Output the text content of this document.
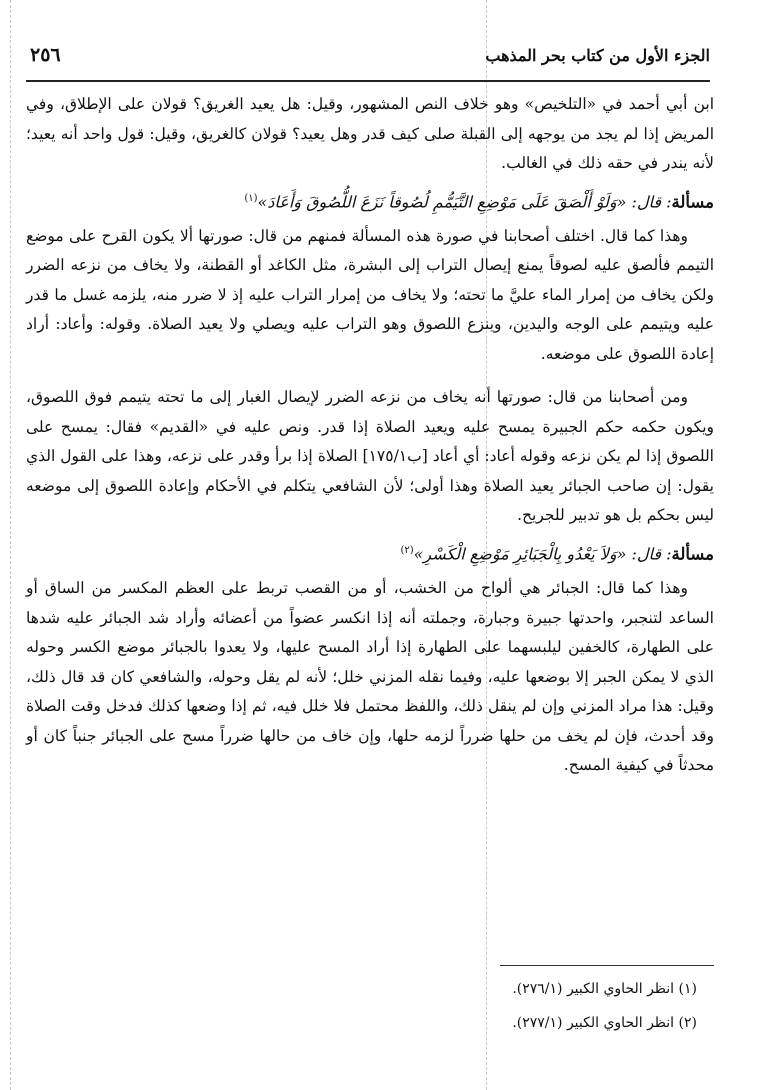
الجزء الأول من كتاب بحر المذهب
٢٥٦

ابن أبي أحمد في «التلخيص» وهو خلاف النص المشهور، وقيل: هل يعيد الغريق؟ قولان على الإطلاق، وفي المريض إذا لم يجد من يوجهه إلى القبلة صلى كيف قدر وهل يعيد؟ قولان كالغريق، وقيل: قول واحد أنه يعيد؛ لأنه يندر في حقه ذلك في الغالب.

مسألة: قال: «وَلَوْ أَلْصَقَ عَلَى مَوْضِعِ التَّيَمُّمِ لُصُوقاً نَزَعَ اللُّصُوقَ وَأَعَادَ»$^{(١)}$

وهذا كما قال. اختلف أصحابنا في صورة هذه المسألة فمنهم من قال: صورتها ألا يكون القرح على موضع التيمم فألصق عليه لصوقاً يمنع إيصال التراب إلى البشرة، مثل الكاغد أو القطنة، ولا يخاف من نزعه الضرر ولكن يخاف من إمرار الماء عليَّ ما تحته؛ ولا يخاف من إمرار التراب عليه إذ لا ضرر منه، يلزمه غسل ما قدر عليه ويتيمم على الوجه واليدين، وينزع اللصوق وهو التراب عليه ويصلي ولا يعيد الصلاة. وقوله: وأعاد: أراد إعادة اللصوق على موضعه.

ومن أصحابنا من قال: صورتها أنه يخاف من نزعه الضرر لإيصال الغبار إلى ما تحته يتيمم فوق اللصوق، ويكون حكمه حكم الجبيرة يمسح عليه ويعيد الصلاة إذا قدر. ونص عليه في «القديم» فقال: يمسح على اللصوق إذا لم يكن نزعه وقوله أعاد: أي أعاد [ب١٧٥/١] الصلاة إذا برأ وقدر على نزعه، وهذا على القول الذي يقول: إن صاحب الجبائر يعيد الصلاة وهذا أولى؛ لأن الشافعي يتكلم في الأحكام وإعادة اللصوق إلى موضعه ليس بحكم بل هو تدبير للجريح.

مسألة: قال: «وَلاَ يَعْدُو بِالْجَبَائِرِ مَوْضِعِ الْكَسْرِ»$^{(٢)}$

وهذا كما قال: الجبائر هي ألواح من الخشب، أو من القصب تربط على العظم المكسر من الساق أو الساعد لتنجبر، واحدتها جبيرة وجبارة، وجملته أنه إذا انكسر عضواً من أعضائه وأراد شد الجبائر عليه شدها على الطهارة، كالخفين ليلبسهما على الطهارة إذا أراد المسح عليها، ولا يعدوا بالجبائر موضع الكسر وحوله الذي لا يمكن الجبر إلا بوضعها عليه، وفيما نقله المزني خلل؛ لأنه لم يقل وحوله، والشافعي كان قد قال ذلك، وقيل: هذا مراد المزني وإن لم ينقل ذلك، واللفظ محتمل فلا خلل فيه، ثم إذا وضعها كذلك فدخل وقت الصلاة وقد أحدث، فإن لم يخف من حلها ضرراً لزمه حلها، وإن خاف من حالها ضرراً مسح على الجبائر جنباً كان أو محدثاً في كيفية المسح.

(١) انظر الحاوي الكبير (٢٧٦/١).
(٢) انظر الحاوي الكبير (٢٧٧/١).
